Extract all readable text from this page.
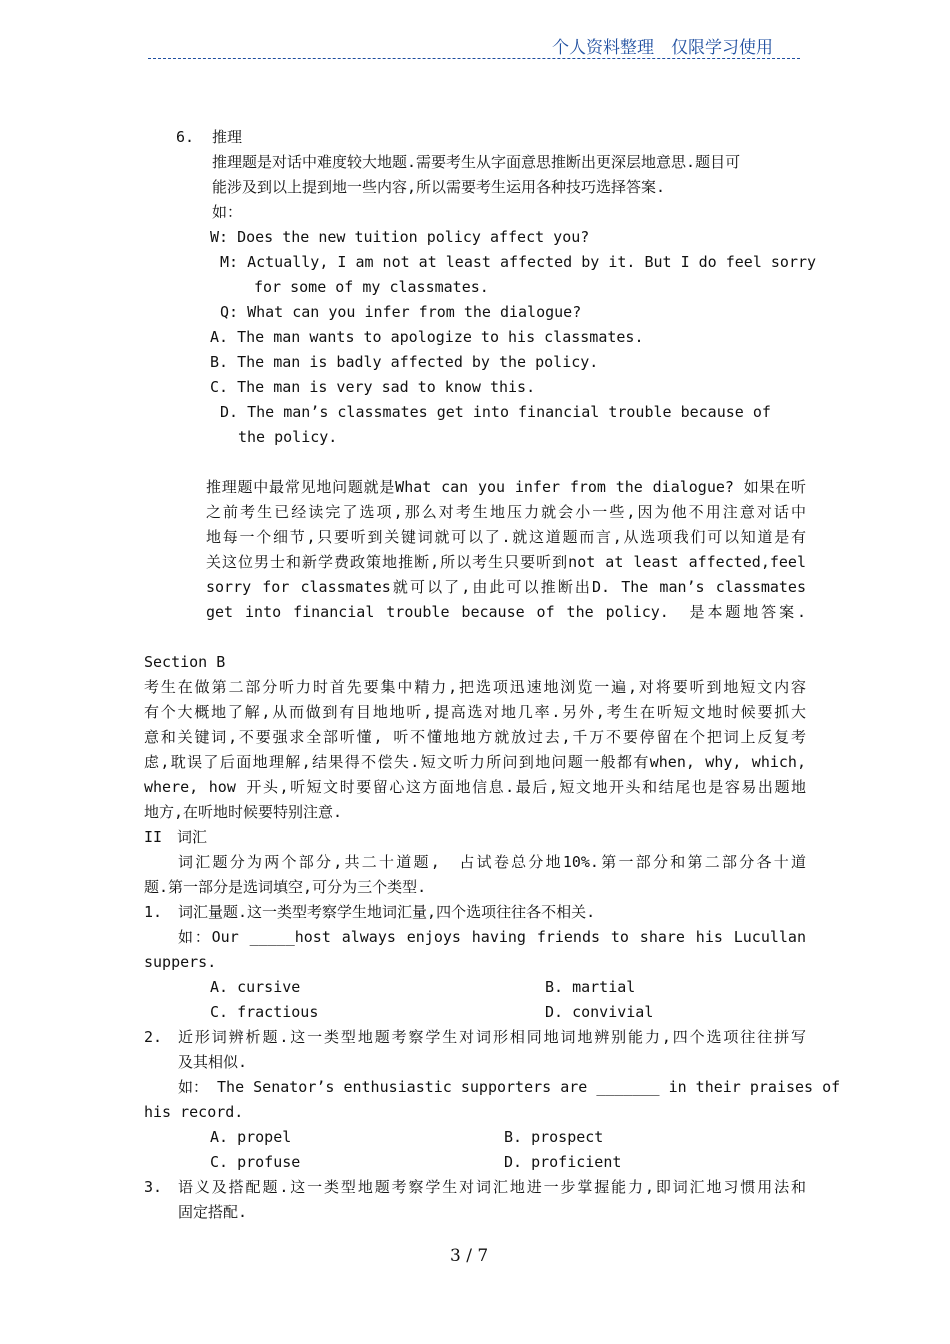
个人资料整理　仅限学习使用
6. 推理
推理题是对话中难度较大地题.需要考生从字面意思推断出更深层地意思.题目可
能涉及到以上提到地一些内容,所以需要考生运用各种技巧选择答案.
如：
W: Does the new tuition policy affect you?
M: Actually, I am not at least affected by it. But I do feel sorry
for some of my classmates.
Q: What can you infer from the dialogue?
A. The man wants to apologize to his classmates.
B. The man is badly affected by the policy.
C. The man is very sad to know this.
D. The man’s classmates get into financial trouble because of
the policy.
推理题中最常见地问题就是What can you infer from the dialogue? 如果在听
之前考生已经读完了选项,那么对考生地压力就会小一些,因为他不用注意对话中
地每一个细节,只要听到关键词就可以了.就这道题而言,从选项我们可以知道是有
关这位男士和新学费政策地推断,所以考生只要听到not at least affected,feel
sorry for classmates就可以了,由此可以推断出D. The man’s classmates
get into financial trouble because of the policy.　是本题地答案.
Section B
考生在做第二部分听力时首先要集中精力,把选项迅速地浏览一遍,对将要听到地短文内容
有个大概地了解,从而做到有目地地听,提高选对地几率.另外,考生在听短文地时候要抓大
意和关键词,不要强求全部听懂, 听不懂地地方就放过去,千万不要停留在个把词上反复考
虑,耽误了后面地理解,结果得不偿失.短文听力所问到地问题一般都有when, why, which,
where, how 开头,听短文时要留心这方面地信息.最后,短文地开头和结尾也是容易出题地
地方,在听地时候要特别注意.
II　词汇
词汇题分为两个部分,共二十道题,　占试卷总分地10%.第一部分和第二部分各十道
题.第一部分是选词填空,可分为三个类型.
1. 词汇量题.这一类型考察学生地词汇量,四个选项往往各不相关.
如：Our _____host always enjoys having friends to share his Lucullan
suppers.
A. cursive	B. martial
C. fractious	D. convivial
2. 近形词辨析题.这一类型地题考察学生对词形相同地词地辨别能力,四个选项往往拼写
及其相似.
如： The Senator’s enthusiastic supporters are _______ in their praises of
his record.
A. propel	B. prospect
C. profuse	D. proficient
3. 语义及搭配题.这一类型地题考察学生对词汇地进一步掌握能力,即词汇地习惯用法和
固定搭配.
3 / 7
